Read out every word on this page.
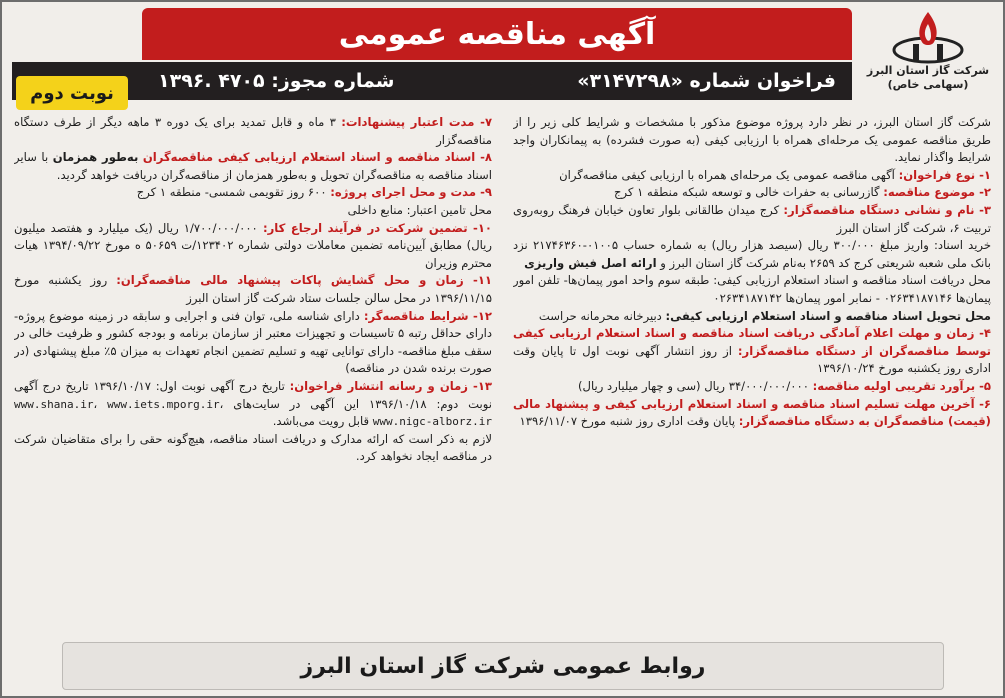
شرکت گاز استان البرز
(سهامی خاص)
آگهی مناقصه عمومی
فراخوان شماره «۳۱۴۷۲۹۸»
شماره مجوز: ۴۷۰۵ .۱۳۹۶
نوبت دوم

شرکت گاز استان البرز، در نظر دارد پروژه موضوع مذکور با مشخصات و شرایط کلی زیر را از طریق مناقصه عمومی یک مرحله‌ای همراه با ارزیابی کیفی (به صورت فشرده) به پیمانکاران واجد شرایط واگذار نماید.

۱- نوع فراخوان: آگهی مناقصه عمومی یک مرحله‌ای همراه با ارزیابی کیفی مناقصه‌گران

۲- موضوع مناقصه: گازرسانی به حفرات خالی و توسعه شبکه منطقه ۱ کرج

۳- نام و نشانی دستگاه مناقصه‌گزار: کرج میدان طالقانی بلوار تعاون خیابان فرهنگ روبه‌روی تربیت ۶، شرکت گاز استان البرز

خرید اسناد: واریز مبلغ ۳۰۰/۰۰۰ ریال (سیصد هزار ریال) به شماره حساب ۰۱۰۰۵-۲۱۷۴۶۳۶۰ نزد بانک ملی شعبه شریعتی کرج کد ۲۶۵۹ به‌نام شرکت گاز استان البرز و ارائه اصل فیش واریزی

محل دریافت اسناد مناقصه و اسناد استعلام ارزیابی کیفی: طبقه سوم واحد امور پیمان‌ها- تلفن امور پیمان‌ها ۰۲۶۳۴۱۸۷۱۴۶ - نمابر امور پیمان‌ها ۰۲۶۳۴۱۸۷۱۴۲

محل تحویل اسناد مناقصه و اسناد استعلام ارزیابی کیفی: دبیرخانه محرمانه حراست

۴- زمان و مهلت اعلام آمادگی دریافت اسناد مناقصه و اسناد استعلام ارزیابی کیفی توسط مناقصه‌گران از دستگاه مناقصه‌گزار: از روز انتشار آگهی نوبت اول تا پایان وقت اداری روز یکشنبه مورخ ۱۳۹۶/۱۰/۲۴

۵- برآورد تقریبی اولیه مناقصه: ۳۴/۰۰۰/۰۰۰/۰۰۰ ریال (سی و چهار میلیارد ریال)

۶- آخرین مهلت تسلیم اسناد مناقصه و اسناد استعلام ارزیابی کیفی و پیشنهاد مالی (قیمت) مناقصه‌گران به دستگاه مناقصه‌گزار: پایان وقت اداری روز شنبه مورخ ۱۳۹۶/۱۱/۰۷

۷- مدت اعتبار پیشنهادات: ۳ ماه و قابل تمدید برای یک دوره ۳ ماهه دیگر از طرف دستگاه مناقصه‌گزار

۸- اسناد مناقصه و اسناد استعلام ارزیابی کیفی مناقصه‌گران به‌طور همزمان با سایر اسناد مناقصه به مناقصه‌گران تحویل و به‌طور همزمان از مناقصه‌گران دریافت خواهد گردید.

۹- مدت و محل اجرای پروژه: ۶۰۰ روز تقویمی شمسی- منطقه ۱ کرج

محل تامین اعتبار: منابع داخلی

۱۰- تضمین شرکت در فرآیند ارجاع کار: ۱/۷۰۰/۰۰۰/۰۰۰ ریال (یک میلیارد و هفتصد میلیون ریال) مطابق آیین‌نامه تضمین معاملات دولتی شماره ۱۲۳۴۰۲/ت ۵۰۶۵۹ ه مورخ ۱۳۹۴/۰۹/۲۲ هیات محترم وزیران

۱۱- زمان و محل گشایش پاکات پیشنهاد مالی مناقصه‌گران: روز یکشنبه مورخ ۱۳۹۶/۱۱/۱۵ در محل سالن جلسات ستاد شرکت گاز استان البرز

۱۲- شرایط مناقصه‌گر: دارای شناسه ملی، توان فنی و اجرایی و سابقه در زمینه موضوع پروژه- دارای حداقل رتبه ۵ تاسیسات و تجهیزات معتبر از سازمان برنامه و بودجه کشور و ظرفیت خالی در سقف مبلغ مناقصه- دارای توانایی تهیه و تسلیم تضمین انجام تعهدات به میزان ۵٪ مبلغ پیشنهادی (در صورت برنده شدن در مناقصه)

۱۳- زمان و رسانه انتشار فراخوان: تاریخ درج آگهی نوبت اول: ۱۳۹۶/۱۰/۱۷ تاریخ درج آگهی نوبت دوم: ۱۳۹۶/۱۰/۱۸ این آگهی در سایت‌های www.shana.ir، www.iets.mporg.ir، www.nigc-alborz.ir قابل رویت می‌باشد.

لازم به ذکر است که ارائه مدارک و دریافت اسناد مناقصه، هیچ‌گونه حقی را برای متقاضیان شرکت در مناقصه ایجاد نخواهد کرد.

روابط عمومی شرکت گاز استان البرز
